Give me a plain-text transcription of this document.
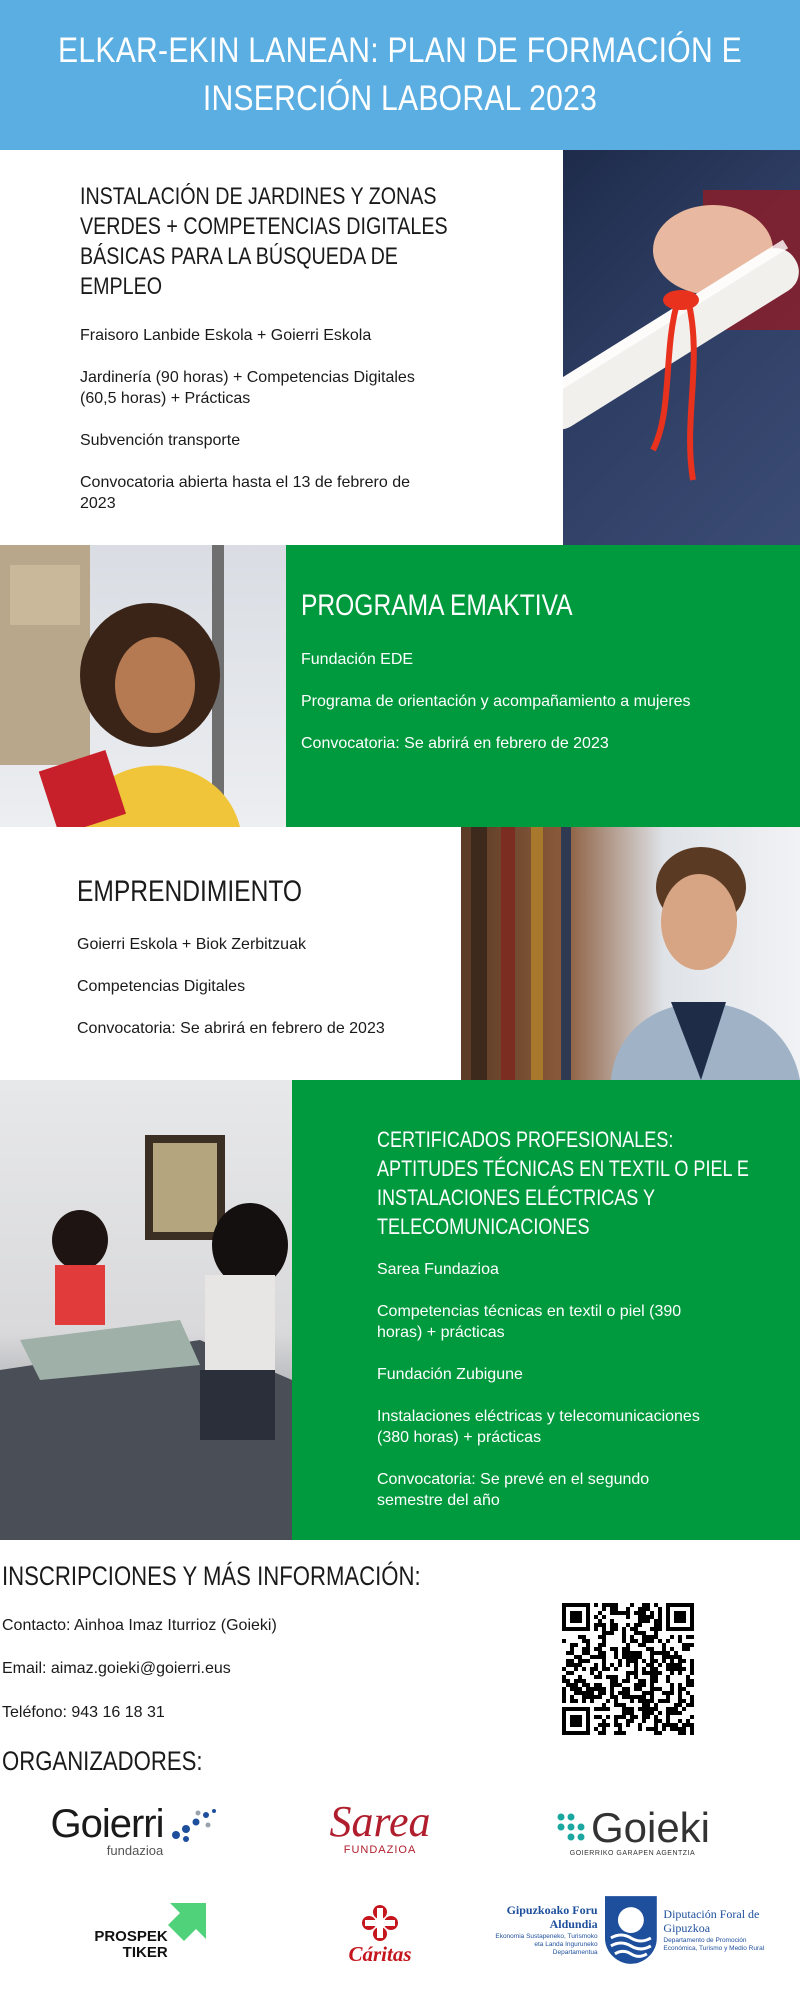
ELKAR-EKIN LANEAN: PLAN DE FORMACIÓN E INSERCIÓN LABORAL 2023
INSTALACIÓN DE JARDINES Y ZONAS
VERDES + COMPETENCIAS DIGITALES
BÁSICAS PARA LA BÚSQUEDA DE
EMPLEO

Fraisoro Lanbide Eskola + Goierri Eskola

Jardinería (90 horas) + Competencias Digitales (60,5 horas) + Prácticas

Subvención transporte

Convocatoria abierta hasta el 13 de febrero de 2023

PROGRAMA EMAKTIVA

Fundación EDE

Programa de orientación y acompañamiento a mujeres

Convocatoria: Se abrirá en febrero de 2023

EMPRENDIMIENTO

Goierri Eskola + Biok Zerbitzuak

Competencias Digitales

Convocatoria: Se abrirá en febrero de 2023

CERTIFICADOS PROFESIONALES:
APTITUDES TÉCNICAS EN TEXTIL O PIEL E
INSTALACIONES ELÉCTRICAS Y
TELECOMUNICACIONES

Sarea Fundazioa

Competencias técnicas en textil o piel (390 horas) + prácticas

Fundación Zubigune

Instalaciones eléctricas y telecomunicaciones (380 horas) + prácticas

Convocatoria: Se prevé en el segundo semestre del año

INSCRIPCIONES Y MÁS INFORMACIÓN:

Contacto: Ainhoa Imaz Iturrioz (Goieki)

Email: aimaz.goieki@goierri.eus

Teléfono: 943 16 18 31

ORGANIZADORES:
Goierri
fundazioa
Sarea
FUNDAZIOA	Goieki
GOIERRIKO GARAPEN AGENTZIA
PROSPEK
TIKER	Cáritas
Gipuzkoako Foru Aldundia
Ekonomia Sustapeneko, Turismoko eta Landa Inguruneko Departamentua
Diputación Foral de Gipuzkoa
Departamento de Promoción Económica, Turismo y Medio Rural
